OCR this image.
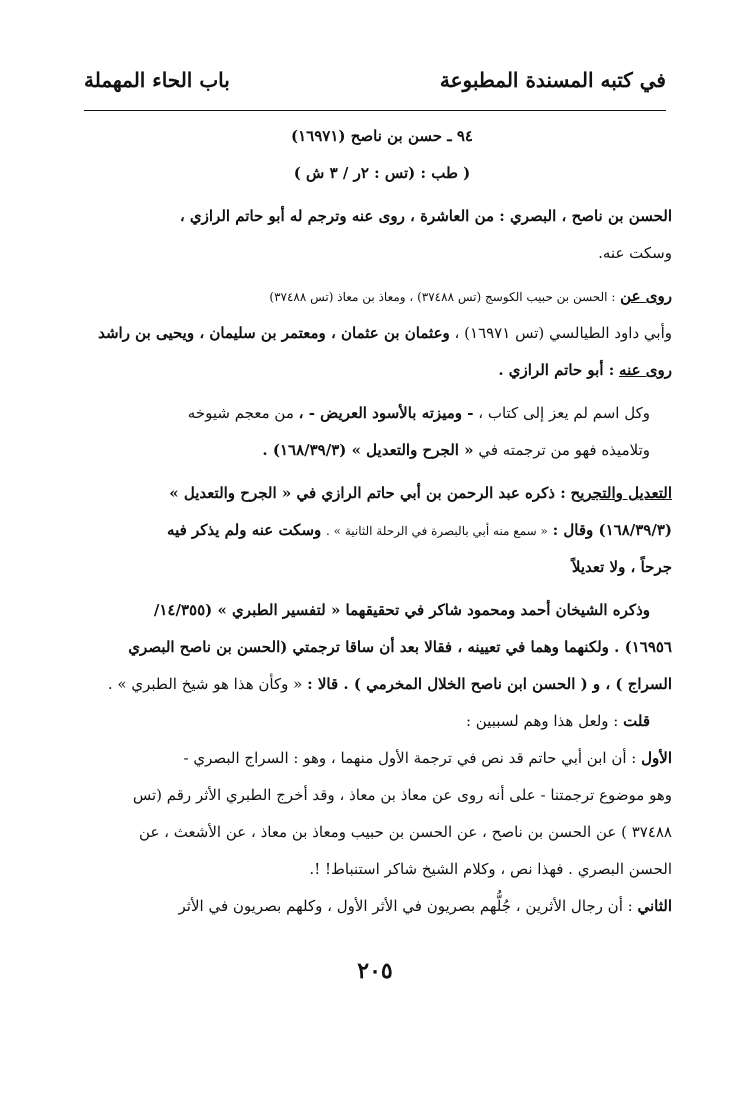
في كتبه المسندة المطبوعة
باب الحاء المهملة
٩٤ ـ حسن بن ناصح (١٦٩٧١)
( طب : (تس : ٢ر / ٣ ش )
الحسن بن ناصح ، البصري : من العاشرة ، روى عنه وترجم له أبو حاتم الرازي ،
وسكت عنه.
روى عن : الحسن بن حبيب الكوسج (تس ٣٧٤٨٨) ، ومعاذ بن معاذ (تس ٣٧٤٨٨)
وأبي داود الطيالسي (تس ١٦٩٧١) ، وعثمان بن عثمان ، ومعتمر بن سليمان ، ويحيى بن راشد
روى عنه : أبو حاتم الرازي .
وكل اسم لم يعز إلى كتاب ، - وميزته بالأسود العريض - ، من معجم شيوخه
وتلاميذه فهو من ترجمته في « الجرح والتعديل » (١٦٨/٣٩/٣) .
التعديل والتجريح : ذكره عبد الرحمن بن أبي حاتم الرازي في « الجرح والتعديل »
(١٦٨/٣٩/٣) وقال : « سمع منه أبي بالبصرة في الرحلة الثانية » . وسكت عنه ولم يذكر فيه
جرحاً ، ولا تعديلاً
وذكره الشيخان أحمد ومحمود شاكر في تحقيقهما « لتفسير الطبري » (١٤/٣٥٥/
١٦٩٥٦) . ولكنهما وهما في تعيينه ، فقالا بعد أن ساقا ترجمتي (الحسن بن ناصح البصري
السراج ) ، و ( الحسن ابن ناصح الخلال المخرمي ) . قالا : « وكأن هذا هو شيخ الطبري » .
قلت : ولعل هذا وهم لسببين :
الأول : أن ابن أبي حاتم قد نص في ترجمة الأول منهما ، وهو : السراج البصري -
وهو موضوع ترجمتنا - على أنه روى عن معاذ بن معاذ ، وقد أخرج الطبري الأثر رقم (تس
٣٧٤٨٨ ) عن الحسن بن ناصح ، عن الحسن بن حبيب ومعاذ بن معاذ ، عن الأشعث ، عن
الحسن البصري . فهذا نص ، وكلام الشيخ شاكر استنباط! !.
الثاني : أن رجال الأثرين ، جُلُّهم بصريون في الأثر الأول ، وكلهم بصريون في الأثر
٢٠٥
